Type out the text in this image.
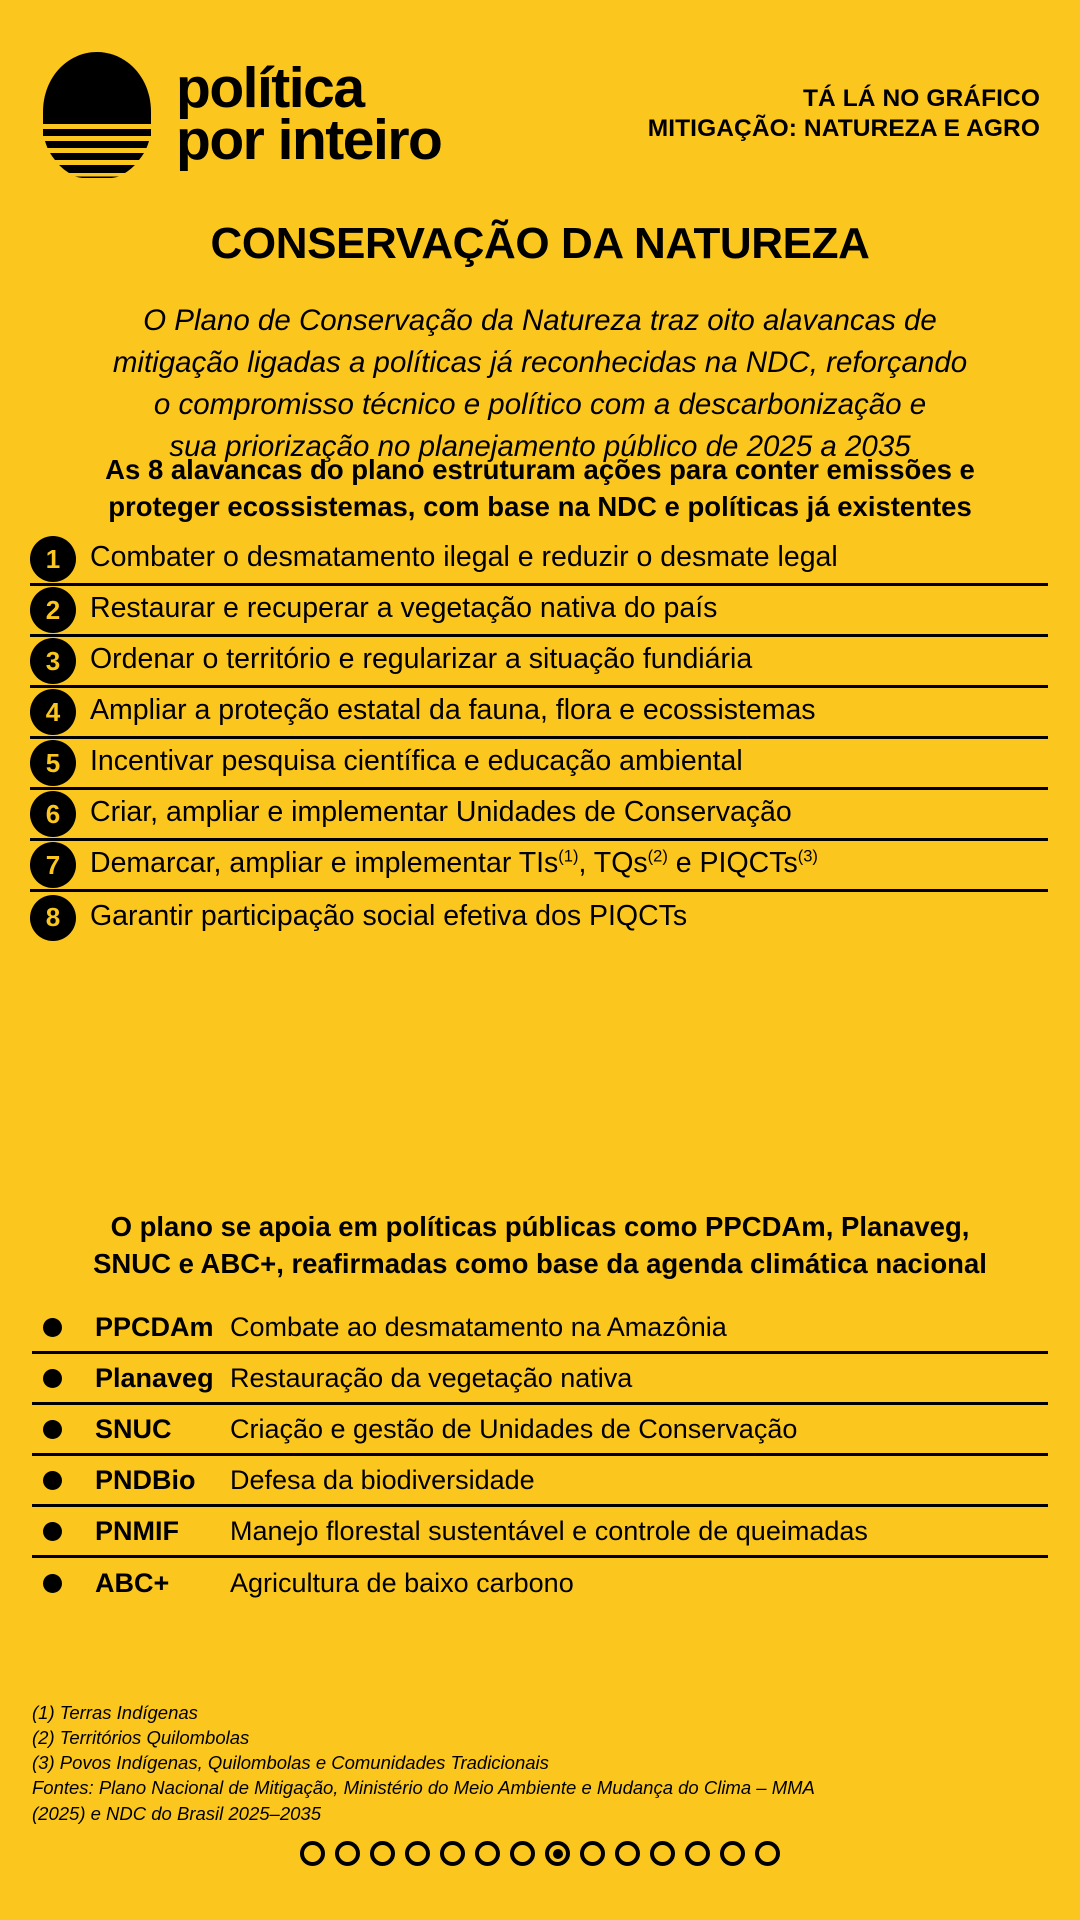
política
por inteiro
TÁ LÁ NO GRÁFICO
MITIGAÇÃO: NATUREZA E AGRO
CONSERVAÇÃO DA NATUREZA
O Plano de Conservação da Natureza traz oito alavancas de
mitigação ligadas a políticas já reconhecidas na NDC, reforçando
o compromisso técnico e político com a descarbonização e
sua priorização no planejamento público de 2025 a 2035
As 8 alavancas do plano estruturam ações para conter emissões e
proteger ecossistemas, com base na NDC e políticas já existentes
1	Combater o desmatamento ilegal e reduzir o desmate legal
2	Restaurar e recuperar a vegetação nativa do país
3	Ordenar o território e regularizar a situação fundiária
4	Ampliar a proteção estatal da fauna, flora e ecossistemas
5	Incentivar pesquisa científica e educação ambiental
6	Criar, ampliar e implementar Unidades de Conservação
7	Demarcar, ampliar e implementar TIs$^{(1)}$, TQs$^{(2)}$ e PIQCTs$^{(3)}$
8	Garantir participação social efetiva dos PIQCTs
O plano se apoia em políticas públicas como PPCDAm, Planaveg,
SNUC e ABC+, reafirmadas como base da agenda climática nacional
PPCDAm Combate ao desmatamento na Amazônia
Planaveg Restauração da vegetação nativa
SNUC	Criação e gestão de Unidades de Conservação
PNDBio	Defesa da biodiversidade
PNMIF	Manejo florestal sustentável e controle de queimadas
ABC+	Agricultura de baixo carbono
(1) Terras Indígenas
(2) Territórios Quilombolas
(3) Povos Indígenas, Quilombolas e Comunidades Tradicionais
Fontes: Plano Nacional de Mitigação, Ministério do Meio Ambiente e Mudança do Clima – MMA
(2025) e NDC do Brasil 2025–2035
